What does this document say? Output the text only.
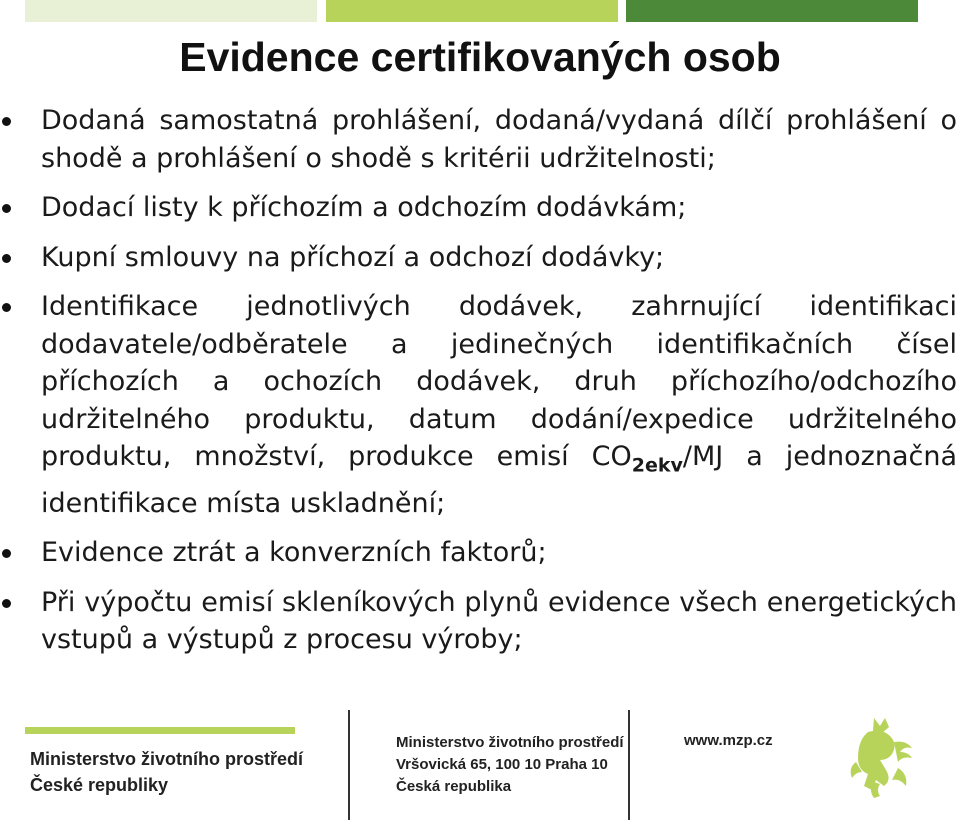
Evidence certifikovaných osob
Dodaná samostatná prohlášení, dodaná/vydaná dílčí prohlášení o shodě a prohlášení o shodě s kritérii udržitelnosti;
Dodací listy k příchozím a odchozím dodávkám;
Kupní smlouvy na příchozí a odchozí dodávky;
Identifikace jednotlivých dodávek, zahrnující identifikaci dodavatele/odběratele a jedinečných identifikačních čísel příchozích a ochozích dodávek, druh příchozího/odchozího udržitelného produktu, datum dodání/expedice udržitelného produktu, množství, produkce emisí $CO_{2ekv}/MJ$ a jednoznačná identifikace místa uskladnění;
Evidence ztrát a konverzních faktorů;
Při výpočtu emisí skleníkových plynů evidence všech energetických vstupů a výstupů z procesu výroby;
Ministerstvo životního prostředí
České republiky
Ministerstvo životního prostředí
Vršovická 65, 100 10 Praha 10
Česká republika
www.mzp.cz
